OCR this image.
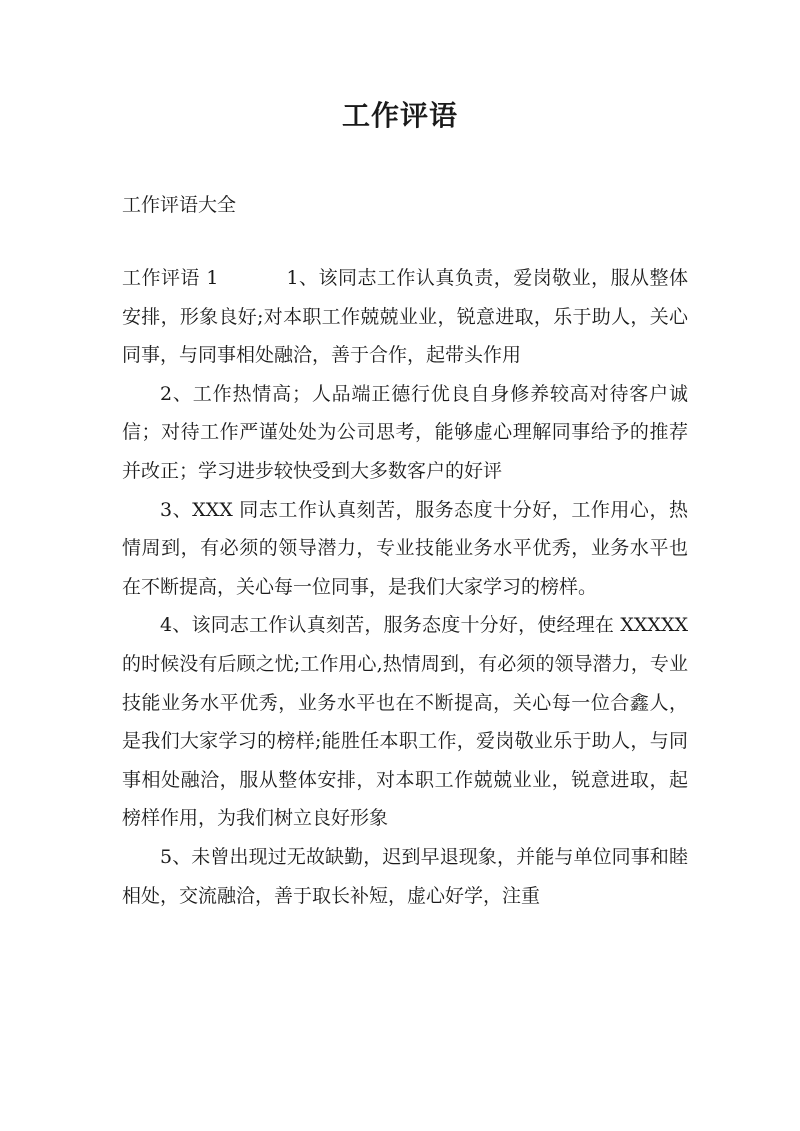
工作评语
工作评语大全

工作评语 1	1、该同志工作认真负责，爱岗敬业，服从整体安排，形象良好;对本职工作兢兢业业，锐意进取，乐于助人，关心同事，与同事相处融洽，善于合作，起带头作用

2、工作热情高；人品端正德行优良自身修养较高对待客户诚信；对待工作严谨处处为公司思考，能够虚心理解同事给予的推荐并改正；学习进步较快受到大多数客户的好评

3、XXX 同志工作认真刻苦，服务态度十分好，工作用心，热情周到，有必须的领导潜力，专业技能业务水平优秀，业务水平也在不断提高，关心每一位同事，是我们大家学习的榜样。

4、该同志工作认真刻苦，服务态度十分好，使经理在 XXXXX 的时候没有后顾之忧;工作用心,热情周到，有必须的领导潜力，专业技能业务水平优秀，业务水平也在不断提高，关心每一位合鑫人，是我们大家学习的榜样;能胜任本职工作，爱岗敬业乐于助人，与同事相处融洽，服从整体安排，对本职工作兢兢业业，锐意进取，起榜样作用，为我们树立良好形象

5、未曾出现过无故缺勤，迟到早退现象，并能与单位同事和睦相处，交流融洽，善于取长补短，虚心好学，注重
